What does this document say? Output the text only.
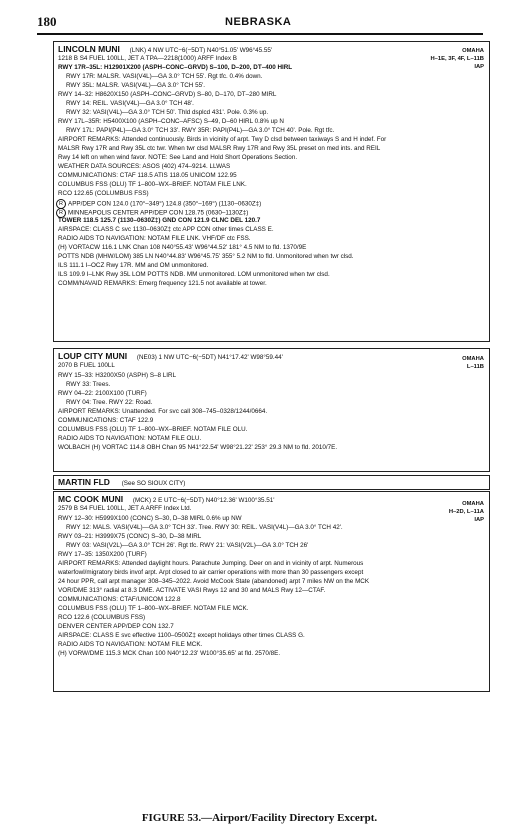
180	NEBRASKA
LINCOLN MUNI (LNK) 4 NW UTC−6(−5DT) N40°51.05' W96°45.55'
1218 B S4 FUEL 100LL, JET A TPA—2218(1000) ARFF Index B
OMAHA
H–1E, 3F, 4F, L–11B
IAP
RWY 17R–35L: H12901X200 (ASPH–CONC–GRVD) S–100, D–200, DT–400 HIRL
RWY 17R: MALSR. VASI(V4L)—GA 3.0° TCH 55'. Rgt tfc. 0.4% down.
RWY 35L: MALSR. VASI(V4L)—GA 3.0° TCH 55'.
RWY 14–32: H8620X150 (ASPH–CONC–GRVD) S–80, D–170, DT–280 MIRL
RWY 14: REIL. VASI(V4L)—GA 3.0° TCH 48'.
RWY 32: VASI(V4L)—GA 3.0° TCH 50'. Thld dsplcd 431'. Pole. 0.3% up.
RWY 17L–35R: H5400X100 (ASPH–CONC–AFSC) S–49, D–60 HIRL 0.8% up N
RWY 17L: PAPI(P4L)—GA 3.0° TCH 33'. RWY 35R: PAPI(P4L)—GA 3.0° TCH 40'. Pole. Rgt tfc.
AIRPORT REMARKS: Attended continuously. Birds in vicinity of arpt. Twy D clsd between taxiways S and H indef. For
MALSR Rwy 17R and Rwy 35L ctc twr. When twr clsd MALSR Rwy 17R and Rwy 35L preset on med ints. and REIL
Rwy 14 left on when wind favor. NOTE: See Land and Hold Short Operations Section.
WEATHER DATA SOURCES: ASOS (402) 474–9214. LLWAS
COMMUNICATIONS: CTAF 118.5 ATIS 118.05 UNICOM 122.95
COLUMBUS FSS (OLU) TF 1–800–WX–BRIEF. NOTAM FILE LNK.
RCO 122.65 (COLUMBUS FSS)
R APP/DEP CON 124.0 (170°–349°) 124.8 (350°–169°) (1130–0630Z‡)
R MINNEAPOLIS CENTER APP/DEP CON 128.75 (0630–1130Z‡)
TOWER 118.5 125.7 (1130–0630Z‡) GND CON 121.9 CLNC DEL 120.7
AIRSPACE: CLASS C svc 1130–0630Z‡ ctc APP CON other times CLASS E.
RADIO AIDS TO NAVIGATION: NOTAM FILE LNK. VHF/DF ctc FSS.
(H) VORTACW 116.1 LNK Chan 108 N40°55.43' W96°44.52' 181° 4.5 NM to fld. 1370/9E
POTTS NDB (MHW/LOM) 385 LN N40°44.83' W96°45.75' 355° 5.2 NM to fld. Unmonitored when twr clsd.
ILS 111.1 I–OCZ Rwy 17R. MM and OM unmonitored.
ILS 109.9 I–LNK Rwy 35L LOM POTTS NDB. MM unmonitored. LOM unmonitored when twr clsd.
COMM/NAVAID REMARKS: Emerg frequency 121.5 not available at tower.
LOUP CITY MUNI (NE03) 1 NW UTC−6(−5DT) N41°17.42' W98°59.44'
2070 B FUEL 100LL
OMAHA
L–11B
RWY 15–33: H3200X50 (ASPH) S–8 LIRL
RWY 33: Trees.
RWY 04–22: 2100X100 (TURF)
RWY 04: Tree. RWY 22: Road.
AIRPORT REMARKS: Unattended. For svc call 308–745–0328/1244/0664.
COMMUNICATIONS: CTAF 122.9
COLUMBUS FSS (OLU) TF 1–800–WX–BRIEF. NOTAM FILE OLU.
RADIO AIDS TO NAVIGATION: NOTAM FILE OLU.
WOLBACH (H) VORTAC 114.8 OBH Chan 95 N41°22.54' W98°21.22' 253° 29.3 NM to fld. 2010/7E.
MARTIN FLD (See SO SIOUX CITY)
MC COOK MUNI (MCK) 2 E UTC−6(−5DT) N40°12.36' W100°35.51'
2579 B S4 FUEL 100LL, JET A ARFF Index Ltd.
OMAHA
H–2D, L–11A
IAP
RWY 12–30: H5999X100 (CONC) S–30, D–38 MIRL 0.6% up NW
RWY 12: MALS. VASI(V4L)—GA 3.0° TCH 33'. Tree. RWY 30: REIL. VASI(V4L)—GA 3.0° TCH 42'.
RWY 03–21: H3999X75 (CONC) S–30, D–38 MIRL
RWY 03: VASI(V2L)—GA 3.0° TCH 26'. Rgt tfc. RWY 21: VASI(V2L)—GA 3.0° TCH 26'
RWY 17–35: 1350X200 (TURF)
AIRPORT REMARKS: Attended daylight hours. Parachute Jumping. Deer on and in vicinity of arpt. Numerous
waterfowl/migratory birds invof arpt. Arpt closed to air carrier operations with more than 30 passengers except
24 hour PPR, call arpt manager 308–345–2022. Avoid McCook State (abandoned) arpt 7 miles NW on the MCK
VOR/DME 313° radial at 8.3 DME. ACTIVATE VASI Rwys 12 and 30 and MALS Rwy 12—CTAF.
COMMUNICATIONS: CTAF/UNICOM 122.8
COLUMBUS FSS (OLU) TF 1–800–WX–BRIEF. NOTAM FILE MCK.
RCO 122.6 (COLUMBUS FSS)
DENVER CENTER APP/DEP CON 132.7
AIRSPACE: CLASS E svc effective 1100–0500Z‡ except holidays other times CLASS G.
RADIO AIDS TO NAVIGATION: NOTAM FILE MCK.
(H) VORW/DME 115.3 MCK Chan 100 N40°12.23' W100°35.65' at fld. 2570/8E.
FIGURE 53.—Airport/Facility Directory Excerpt.
